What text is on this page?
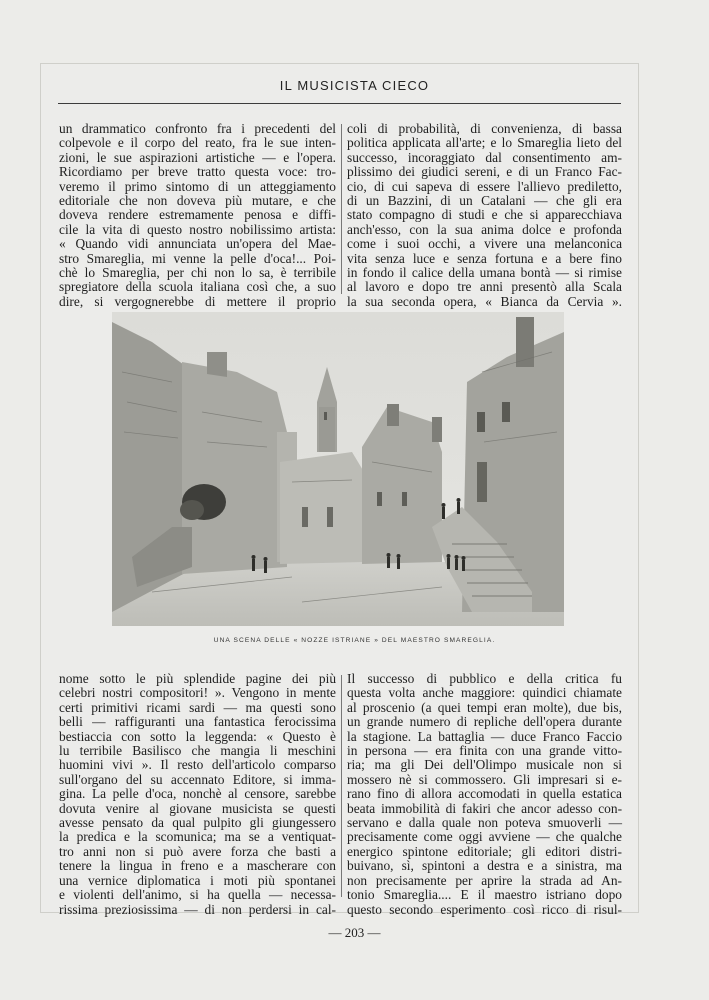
IL MUSICISTA CIECO

un drammatico confronto fra i precedenti del
colpevole e il corpo del reato, fra le sue inten-
zioni, le sue aspirazioni artistiche — e l'opera.
Ricordiamo per breve tratto questa voce: tro-
veremo il primo sintomo di un atteggiamento
editoriale che non doveva più mutare, e che
doveva rendere estremamente penosa e diffi-
cile la vita di questo nostro nobilissimo artista:
« Quando vidi annunciata un'opera del Mae-
stro Smareglia, mi venne la pelle d'oca!... Poi-
chè lo Smareglia, per chi non lo sa, è terribile
spregiatore della scuola italiana così che, a suo
dire, si vergognerebbe di mettere il proprio

coli di probabilità, di convenienza, di bassa
politica applicata all'arte; e lo Smareglia lieto del
successo, incoraggiato dal consentimento am-
plissimo dei giudici sereni, e di un Franco Fac-
cio, di cui sapeva di essere l'allievo prediletto,
di un Bazzini, di un Catalani — che gli era
stato compagno di studi e che si apparecchiava
anch'esso, con la sua anima dolce e profonda
come i suoi occhi, a vivere una melanconica
vita senza luce e senza fortuna e a bere fino
in fondo il calice della umana bontà — si rimise
al lavoro e dopo tre anni presentò alla Scala
la sua seconda opera, « Bianca da Cervia ».

UNA SCENA DELLE « NOZZE ISTRIANE » DEL MAESTRO SMAREGLIA.

nome sotto le più splendide pagine dei più
celebri nostri compositori! ». Vengono in mente
certi primitivi ricami sardi — ma questi sono
belli — raffiguranti una fantastica ferocissima
bestiaccia con sotto la leggenda: « Questo è
lu terribile Basilisco che mangia li meschini
huomini vivi ». Il resto dell'articolo comparso
sull'organo del su accennato Editore, si imma-
gina. La pelle d'oca, nonchè al censore, sarebbe
dovuta venire al giovane musicista se questi
avesse pensato da qual pulpito gli giungessero
la predica e la scomunica; ma se a ventiquat-
tro anni non si può avere forza che basti a
tenere la lingua in freno e a mascherare con
una vernice diplomatica i moti più spontanei
e violenti dell'animo, si ha quella — necessa-
rissima preziosissima — di non perdersi in cal-

Il successo di pubblico e della critica fu
questa volta anche maggiore: quindici chiamate
al proscenio (a quei tempi eran molte), due bis,
un grande numero di repliche dell'opera durante
la stagione. La battaglia — duce Franco Faccio
in persona — era finita con una grande vitto-
ria; ma gli Dei dell'Olimpo musicale non si
mossero nè si commossero. Gli impresari si e-
rano fino di allora accomodati in quella estatica
beata immobilità di fakiri che ancor adesso con-
servano e dalla quale non poteva smuoverli —
precisamente come oggi avviene — che qualche
energico spintone editoriale; gli editori distri-
buivano, sì, spintoni a destra e a sinistra, ma
non precisamente per aprire la strada ad An-
tonio Smareglia.... E il maestro istriano dopo
questo secondo esperimento così ricco di risul-

— 203 —
